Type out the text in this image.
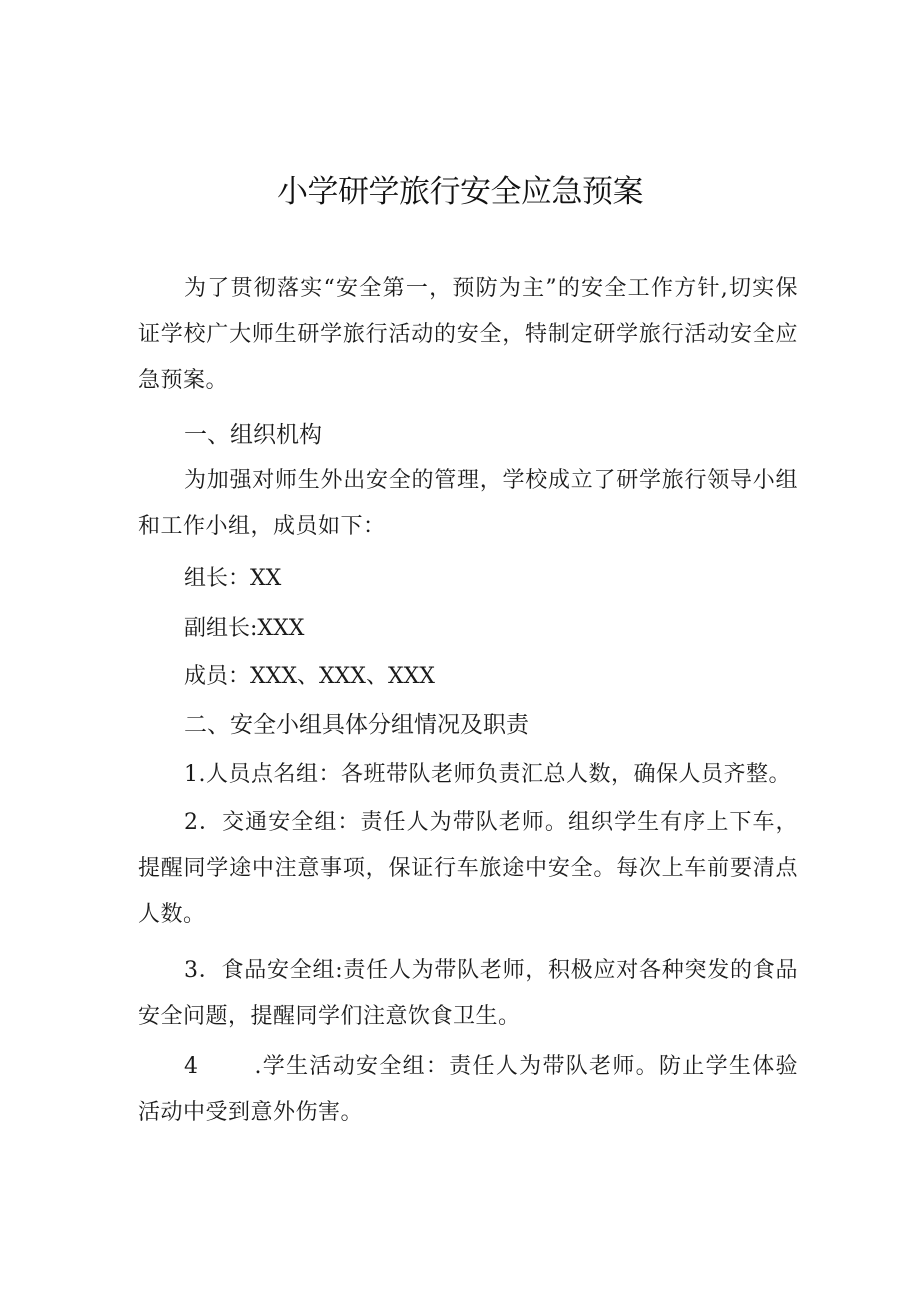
小学研学旅行安全应急预案

为了贯彻落实“安全第一，预防为主”的安全工作方针,切实保证学校广大师生研学旅行活动的安全，特制定研学旅行活动安全应急预案。

一、组织机构

为加强对师生外出安全的管理，学校成立了研学旅行领导小组和工作小组，成员如下：

组长：XX

副组长:XXX

成员：XXX、XXX、XXX

二、安全小组具体分组情况及职责

1.人员点名组：各班带队老师负责汇总人数，确保人员齐整。

2．交通安全组：责任人为带队老师。组织学生有序上下车，提醒同学途中注意事项，保证行车旅途中安全。每次上车前要清点人数。

3．食品安全组:责任人为带队老师，积极应对各种突发的食品安全问题，提醒同学们注意饮食卫生。

4	.学生活动安全组：责任人为带队老师。防止学生体验活动中受到意外伤害。
